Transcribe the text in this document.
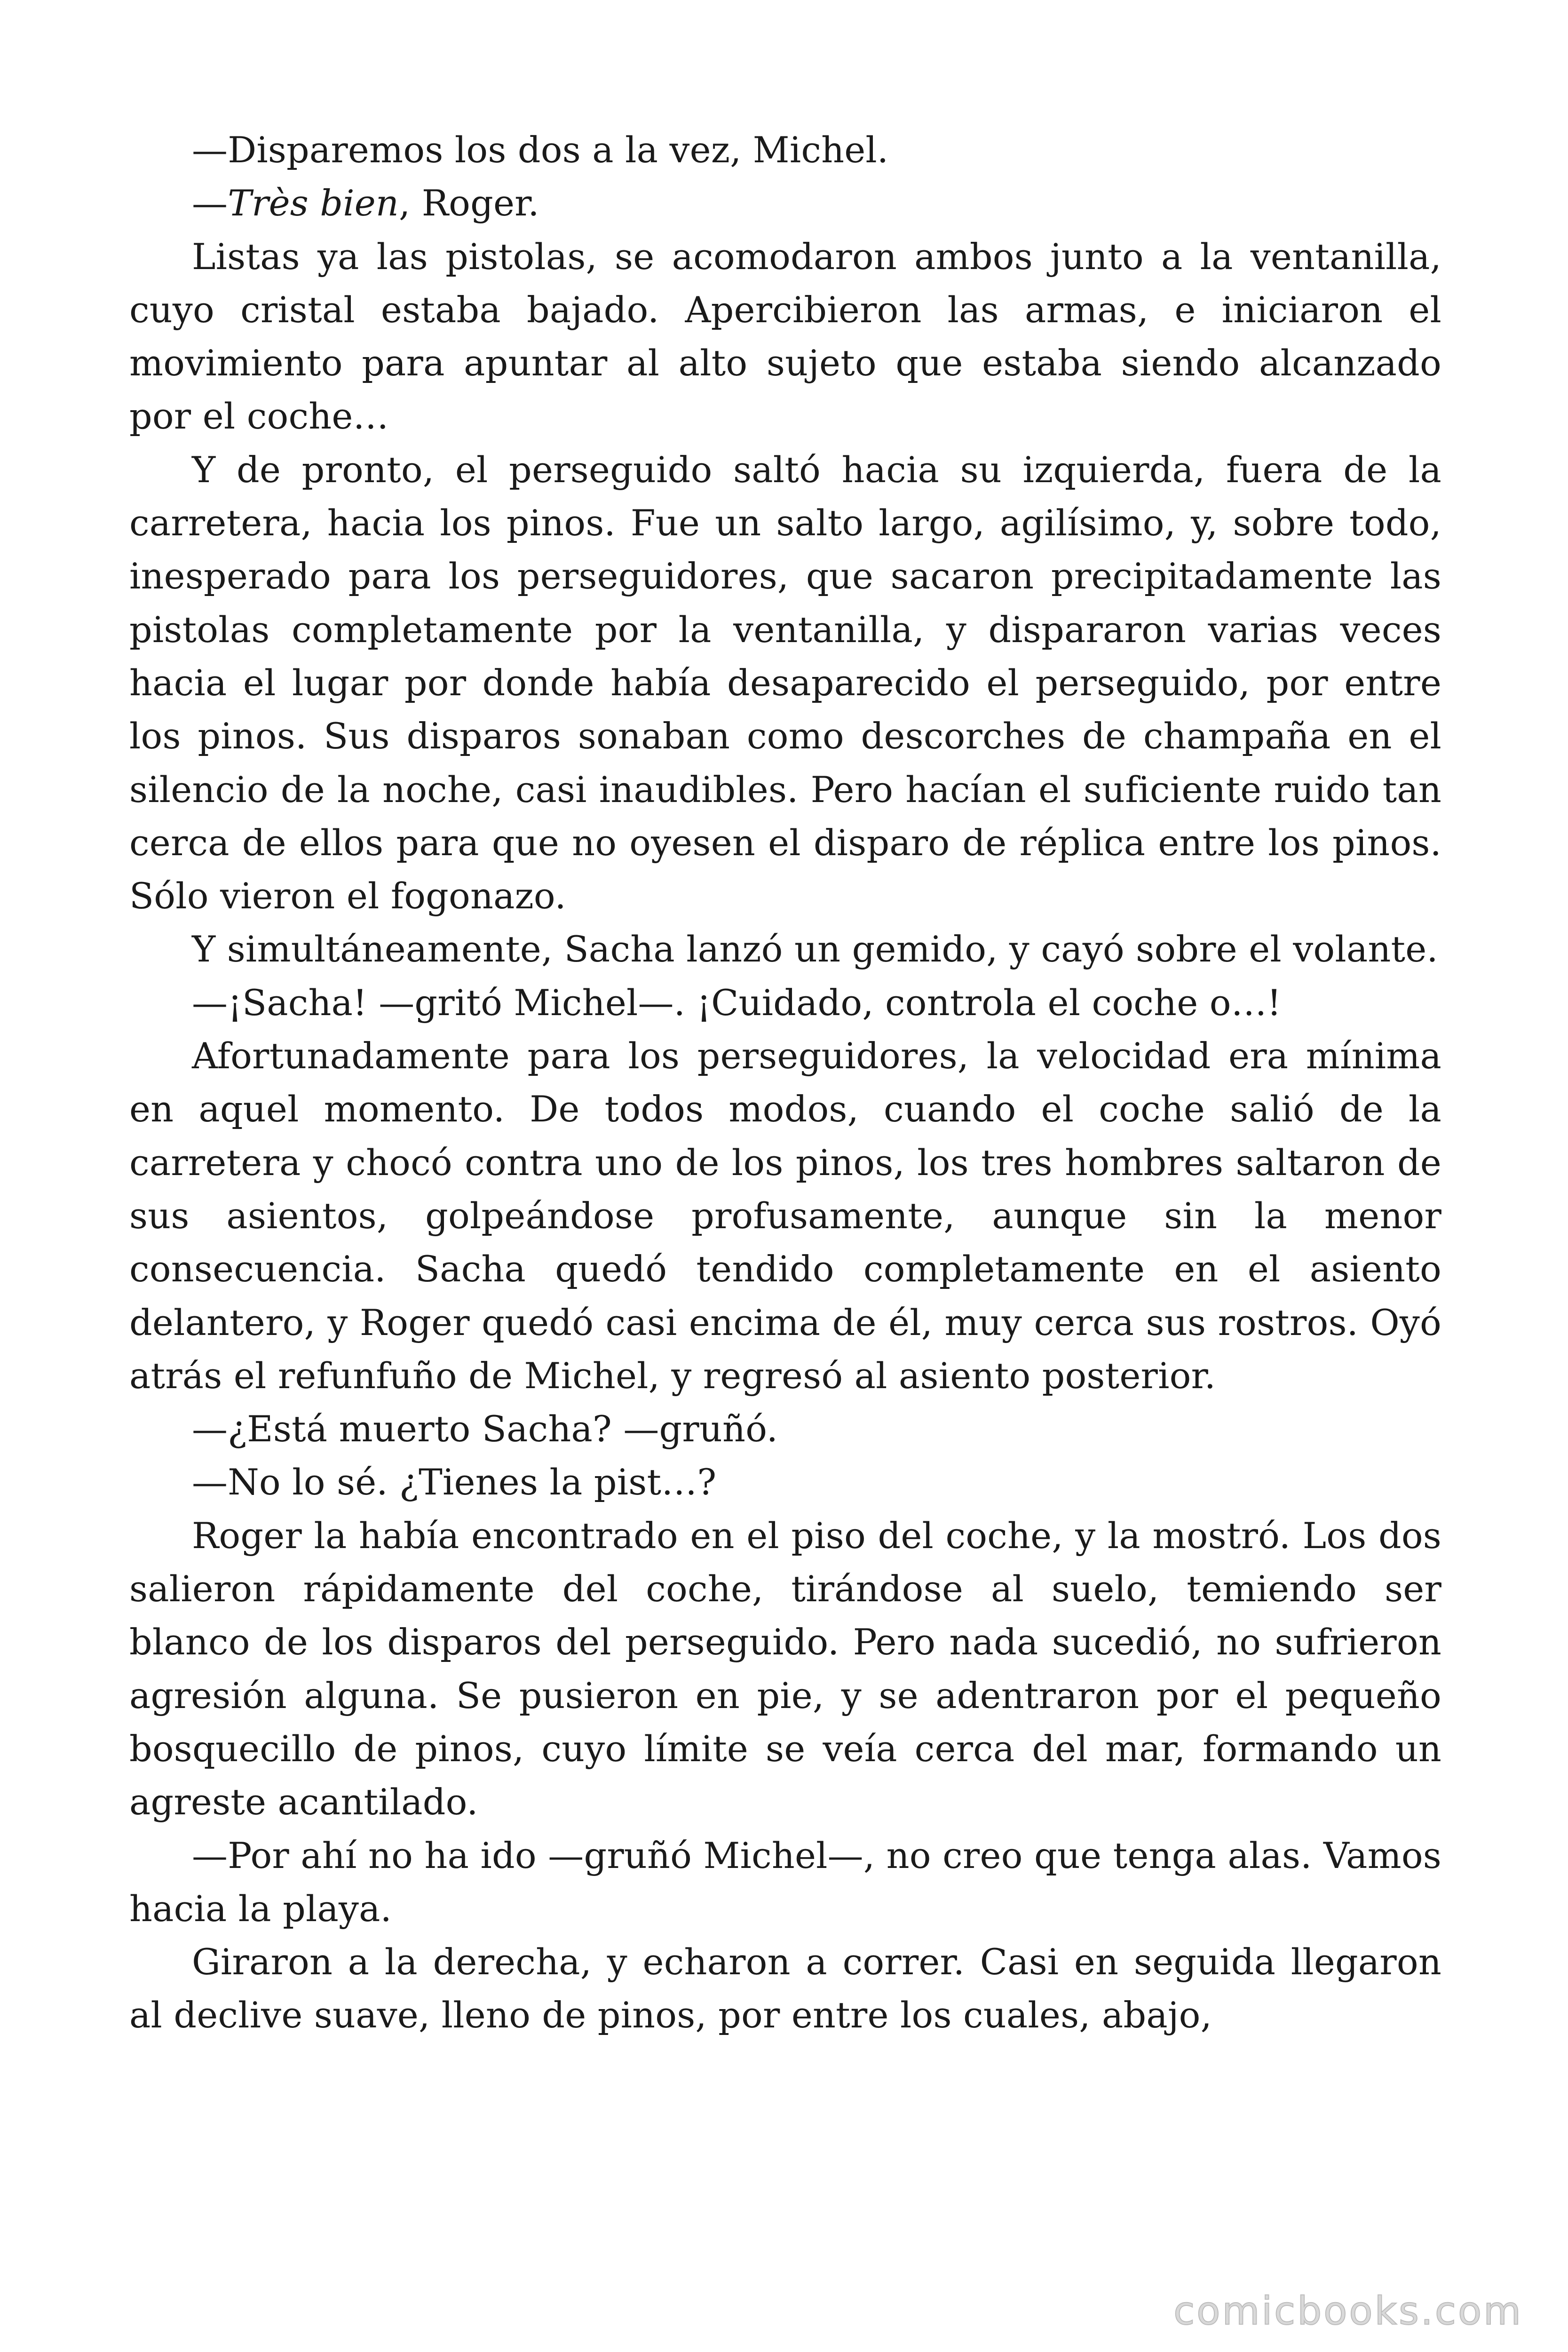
—Disparemos los dos a la vez, Michel.

—Très bien, Roger.

Listas ya las pistolas, se acomodaron ambos junto a la ventanilla, cuyo cristal estaba bajado. Apercibieron las armas, e iniciaron el movimiento para apuntar al alto sujeto que estaba siendo alcanzado por el coche…

Y de pronto, el perseguido saltó hacia su izquierda, fuera de la carretera, hacia los pinos. Fue un salto largo, agilísimo, y, sobre todo, inesperado para los perseguidores, que sacaron precipitadamente las pistolas completamente por la ventanilla, y dispararon varias veces hacia el lugar por donde había desaparecido el perseguido, por entre los pinos. Sus disparos sonaban como descorches de champaña en el silencio de la noche, casi inaudibles. Pero hacían el suficiente ruido tan cerca de ellos para que no oyesen el disparo de réplica entre los pinos. Sólo vieron el fogonazo.

Y simultáneamente, Sacha lanzó un gemido, y cayó sobre el volante.

—¡Sacha! —gritó Michel—. ¡Cuidado, controla el coche o…!

Afortunadamente para los perseguidores, la velocidad era mínima en aquel momento. De todos modos, cuando el coche salió de la carretera y chocó contra uno de los pinos, los tres hombres saltaron de sus asientos, golpeándose profusamente, aunque sin la menor consecuencia. Sacha quedó tendido completamente en el asiento delantero, y Roger quedó casi encima de él, muy cerca sus rostros. Oyó atrás el refunfuño de Michel, y regresó al asiento posterior.

—¿Está muerto Sacha? —gruñó.

—No lo sé. ¿Tienes la pist…?

Roger la había encontrado en el piso del coche, y la mostró. Los dos salieron rápidamente del coche, tirándose al suelo, temiendo ser blanco de los disparos del perseguido. Pero nada sucedió, no sufrieron agresión alguna. Se pusieron en pie, y se adentraron por el pequeño bosquecillo de pinos, cuyo límite se veía cerca del mar, formando un agreste acantilado.

—Por ahí no ha ido —gruñó Michel—, no creo que tenga alas. Vamos hacia la playa.

Giraron a la derecha, y echaron a correr. Casi en seguida llegaron al declive suave, lleno de pinos, por entre los cuales, abajo,

comicbooks.com
